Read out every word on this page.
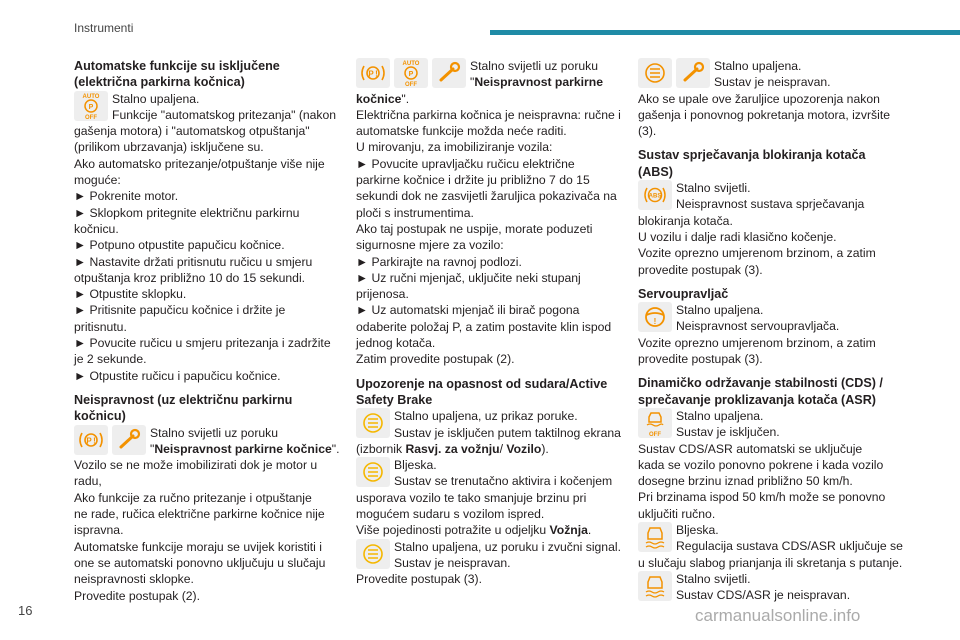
Instrumenti
Automatske funkcije su isključene
(električna parkirna kočnica)
AUTO
P
OFF
Stalno upaljena.
Funkcije "automatskog pritezanja" (nakon
gašenja motora) i "automatskog otpuštanja"
(prilikom ubrzavanja) isključene su.
Ako automatsko pritezanje/otpuštanje više nije
moguće:
► Pokrenite motor.
► Sklopkom pritegnite električnu parkirnu
kočnicu.
► Potpuno otpustite papučicu kočnice.
► Nastavite držati pritisnutu ručicu u smjeru
otpuštanja kroz približno 10 do 15 sekundi.
► Otpustite sklopku.
► Pritisnite papučicu kočnice i držite je
pritisnutu.
► Povucite ručicu u smjeru pritezanja i zadržite
je 2 sekunde.
► Otpustite ručicu i papučicu kočnice.
Neispravnost (uz električnu parkirnu
kočnicu)
P !
Stalno svijetli uz poruku
"Neispravnost parkirne kočnice".
Vozilo se ne može imobilizirati dok je motor u
radu,
Ako funkcije za ručno pritezanje i otpuštanje
ne rade, ručica električne parkirne kočnice nije
ispravna.
Automatske funkcije moraju se uvijek koristiti i
one se automatski ponovno uključuju u slučaju
neispravnosti sklopke.
Provedite postupak (2).
P !
AUTO
P
OFF
Stalno svijetli uz poruku
"Neispravnost parkirne
kočnice".
Električna parkirna kočnica je neispravna: ručne i
automatske funkcije možda neće raditi.
U mirovanju, za imobiliziranje vozila:
► Povucite upravljačku ručicu električne
parkirne kočnice i držite ju približno 7 do 15
sekundi dok ne zasvijetli žaruljica pokazivača na
ploči s instrumentima.
Ako taj postupak ne uspije, morate poduzeti
sigurnosne mjere za vozilo:
► Parkirajte na ravnoj podlozi.
► Uz ručni mjenjač, uključite neki stupanj
prijenosa.
► Uz automatski mjenjač ili birač pogona
odaberite položaj P, a zatim postavite klin ispod
jednog kotača.
Zatim provedite postupak (2).
Upozorenje na opasnost od sudara/Active
Safety Brake
Stalno upaljena, uz prikaz poruke.
Sustav je isključen putem taktilnog ekrana
(izbornik Rasvj. za vožnju/ Vozilo).
Bljeska.
Sustav se trenutačno aktivira i kočenjem
usporava vozilo te tako smanjuje brzinu pri
mogućem sudaru s vozilom ispred.
Više pojedinosti potražite u odjeljku Vožnja.
Stalno upaljena, uz poruku i zvučni signal.
Sustav je neispravan.
Provedite postupak (3).
Stalno upaljena.
Sustav je neispravan.
Ako se upale ove žaruljice upozorenja nakon
gašenja i ponovnog pokretanja motora, izvršite
(3).
Sustav sprječavanja blokiranja kotača
(ABS)
ABS
Stalno svijetli.
Neispravnost sustava sprječavanja
blokiranja kotača.
U vozilu i dalje radi klasično kočenje.
Vozite oprezno umjerenom brzinom, a zatim
provedite postupak (3).
Servoupravljač
!
Stalno upaljena.
Neispravnost servoupravljača.
Vozite oprezno umjerenom brzinom, a zatim
provedite postupak (3).
Dinamičko održavanje stabilnosti (CDS) /
sprečavanje proklizavanja kotača (ASR)
OFF
Stalno upaljena.
Sustav je isključen.
Sustav CDS/ASR automatski se uključuje
kada se vozilo ponovno pokrene i kada vozilo
dosegne brzinu iznad približno 50 km/h.
Pri brzinama ispod 50 km/h može se ponovno
uključiti ručno.
Bljeska.
Regulacija sustava CDS/ASR uključuje se
u slučaju slabog prianjanja ili skretanja s putanje.
Stalno svijetli.
Sustav CDS/ASR je neispravan.
16	carmanualsonline.info
